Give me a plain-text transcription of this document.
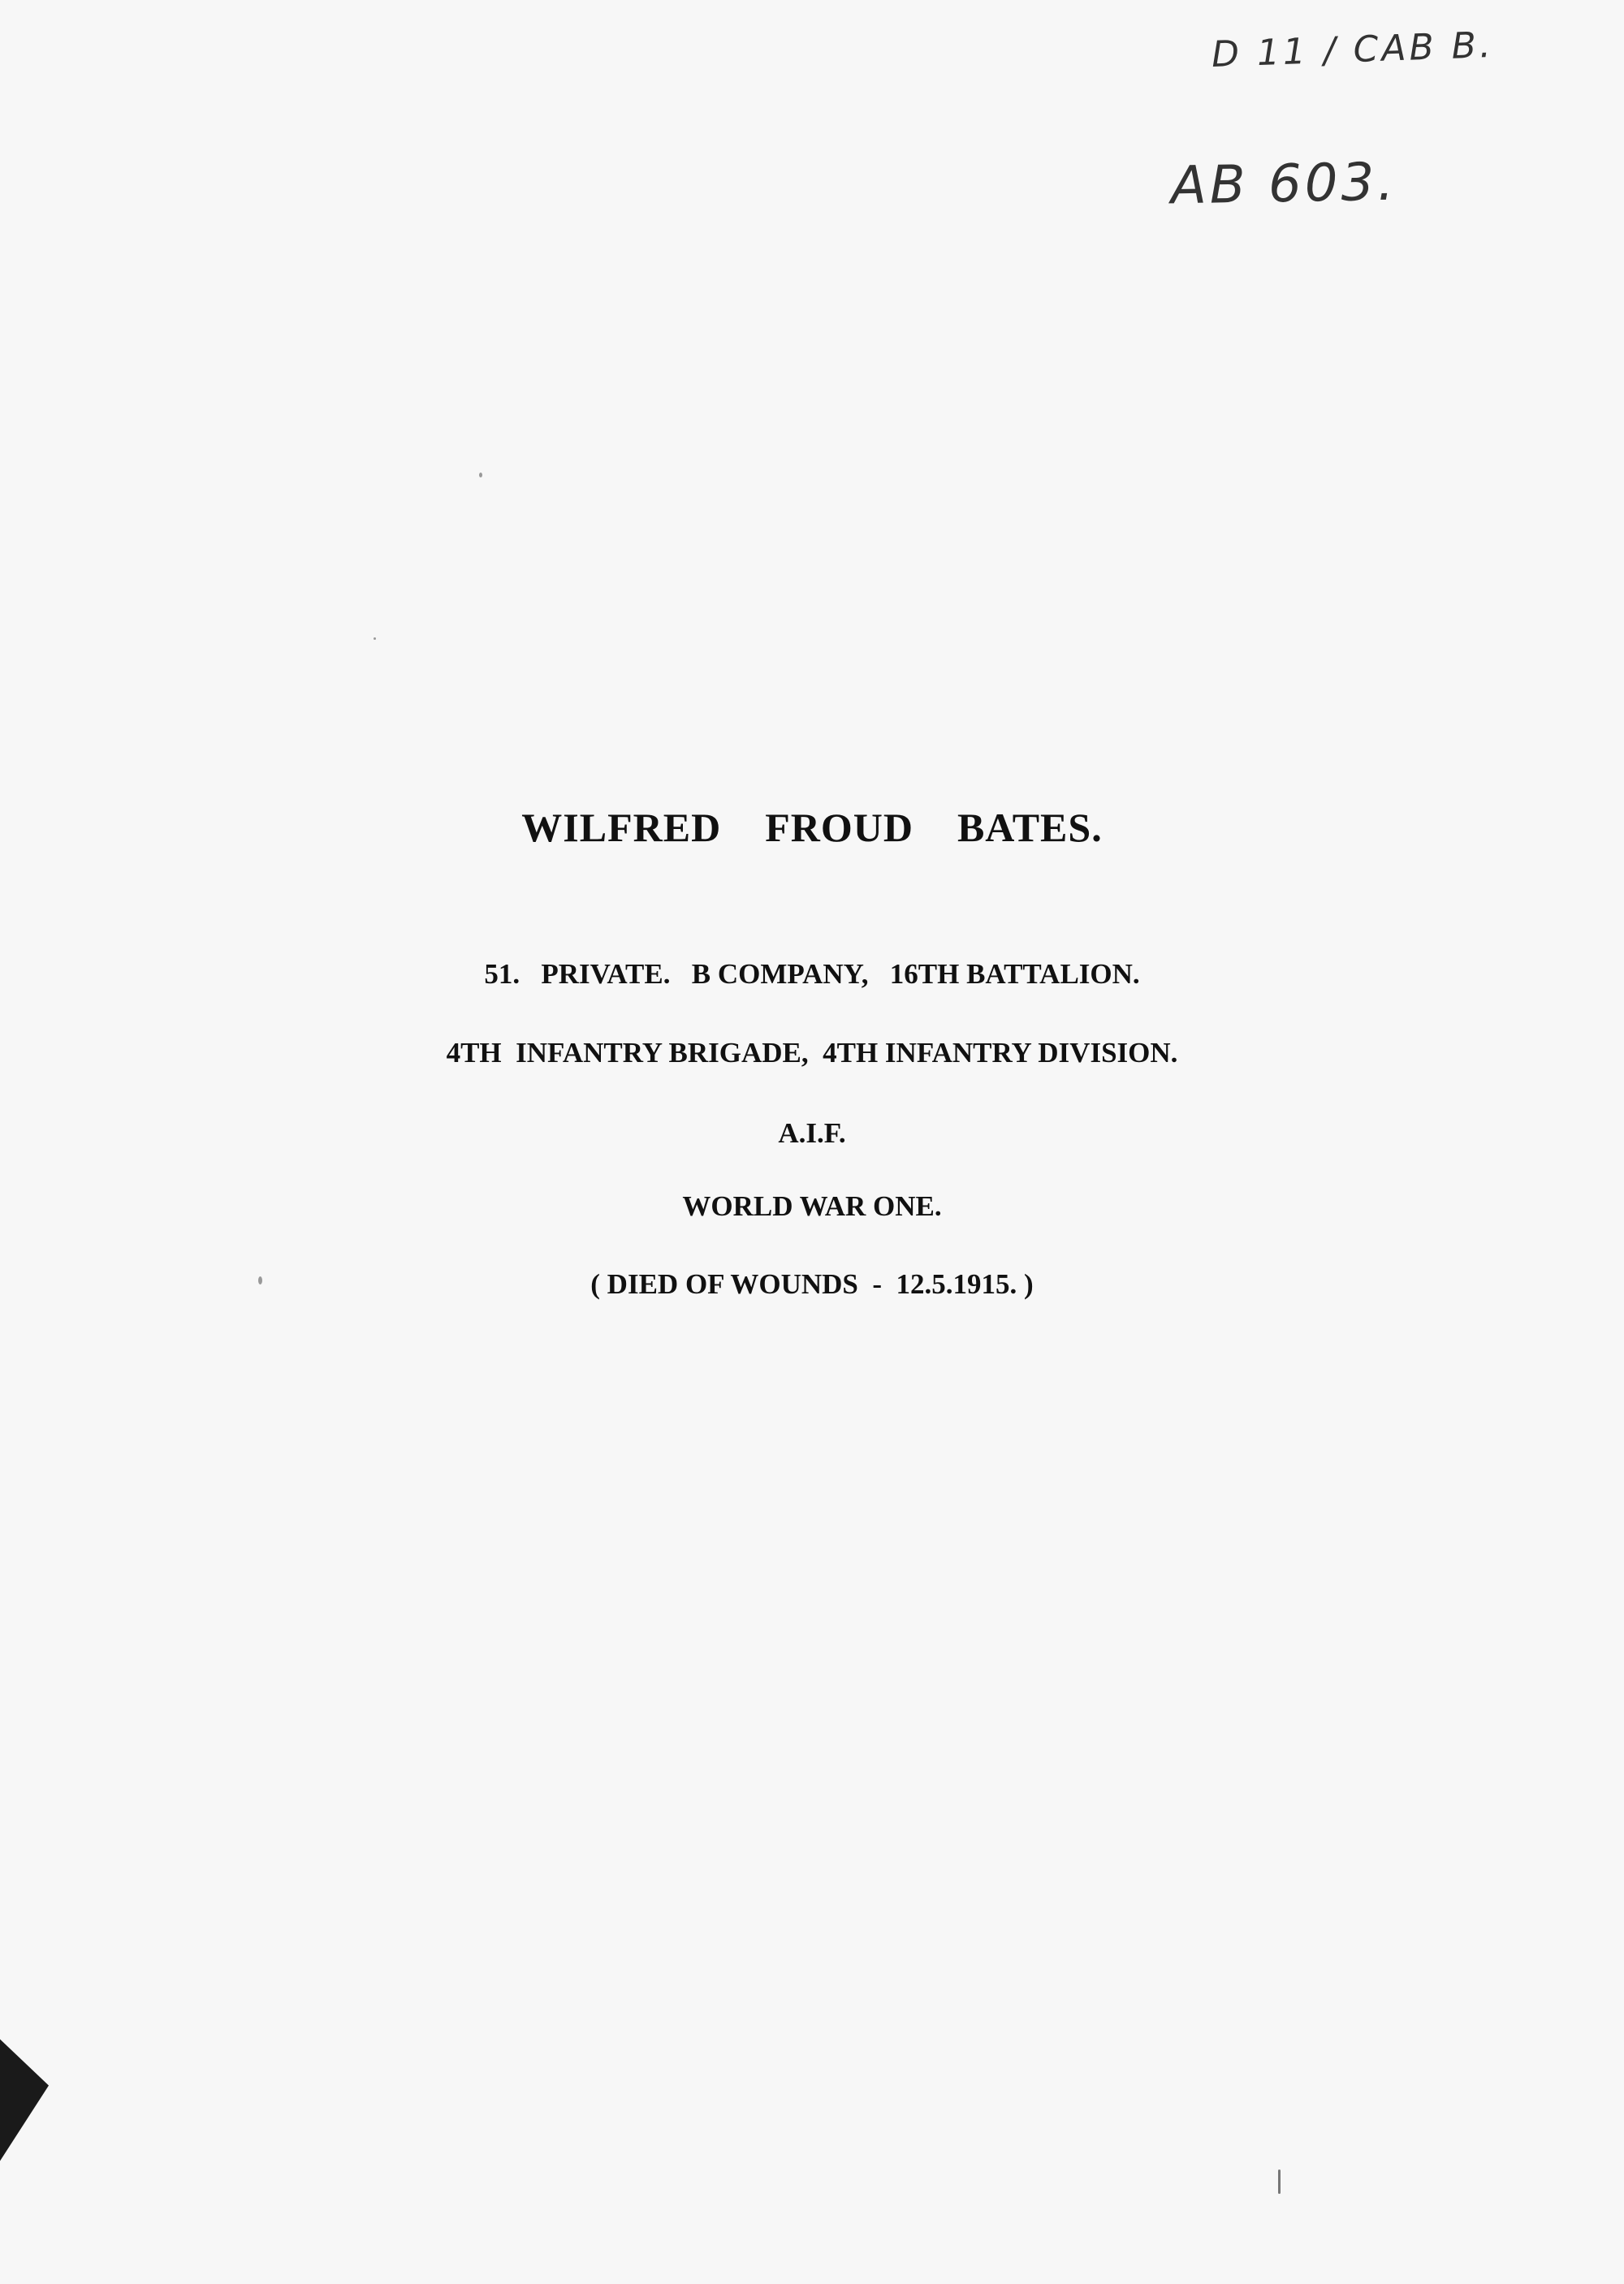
D 11 / CAB B.
AB 603.
WILFRED    FROUD    BATES.
51.   PRIVATE.   B COMPANY,   16TH BATTALION.
4TH  INFANTRY BRIGADE,  4TH INFANTRY DIVISION.
A.I.F.
WORLD WAR ONE.
( DIED OF WOUNDS  -  12.5.1915. )
